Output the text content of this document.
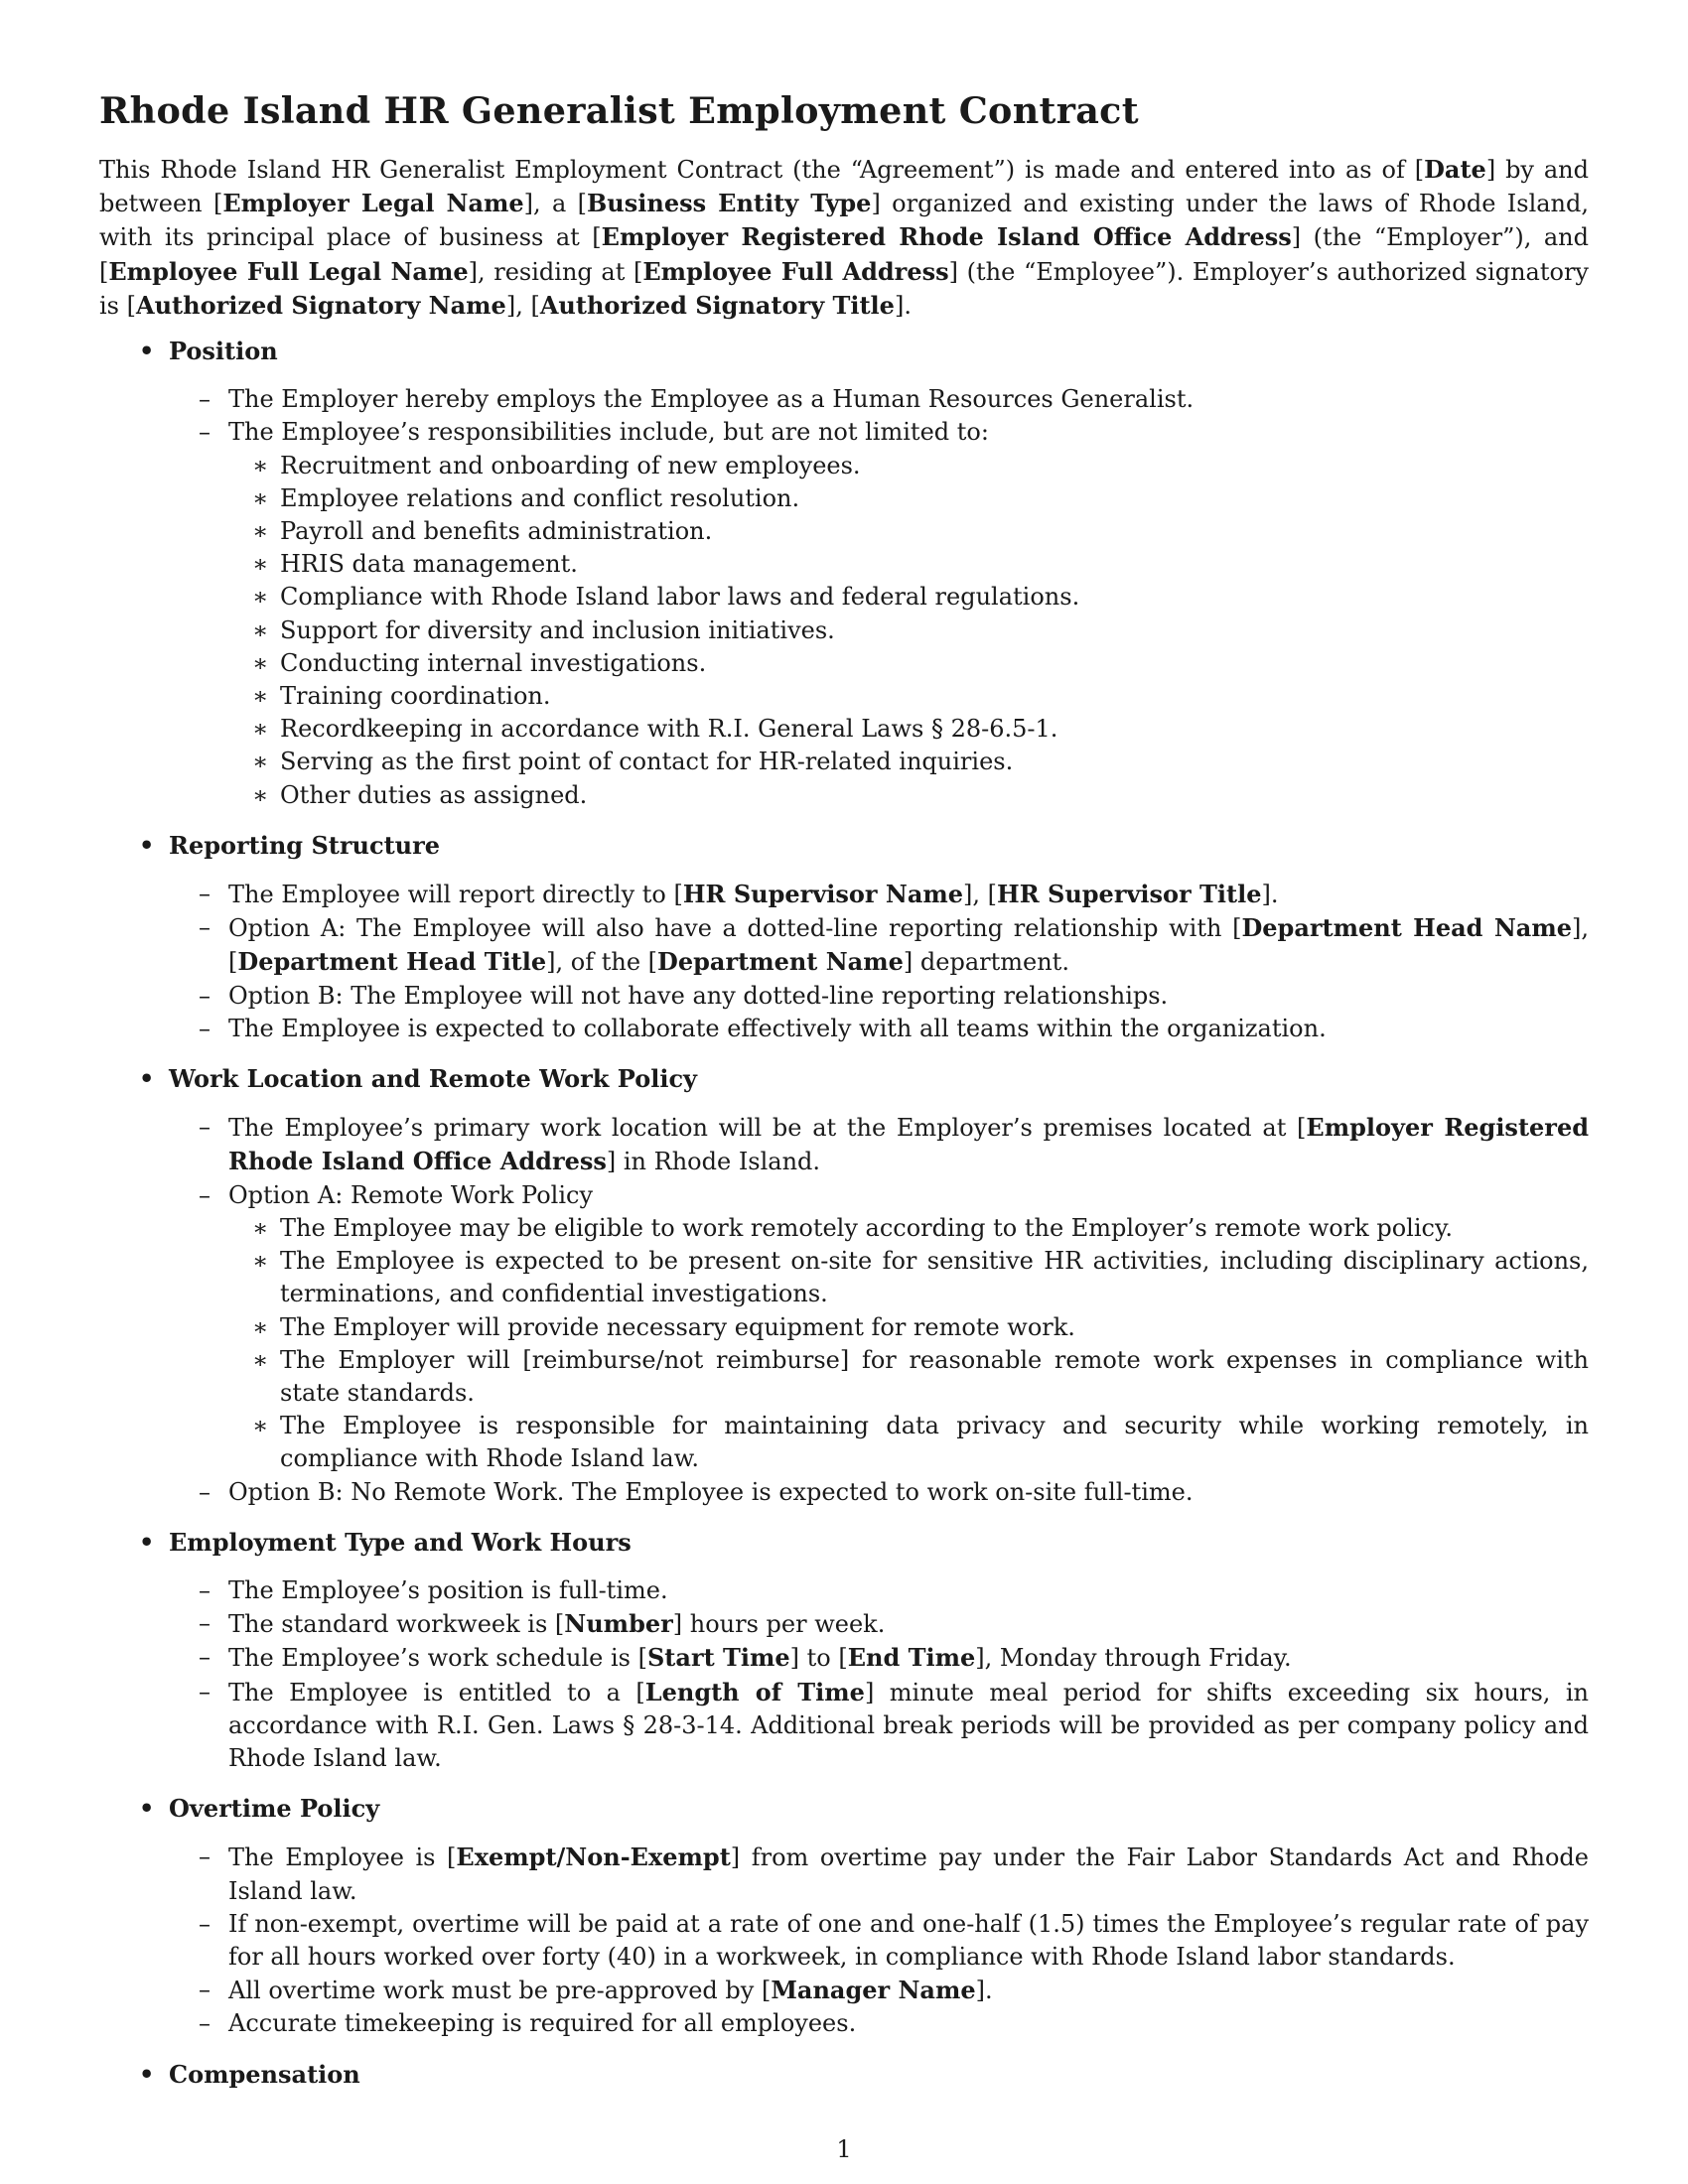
Rhode Island HR Generalist Employment Contract

This Rhode Island HR Generalist Employment Contract (the “Agreement”) is made and entered into as of [Date] by and between [Employer Legal Name], a [Business Entity Type] organized and existing under the laws of Rhode Island, with its principal place of business at [Employer Registered Rhode Island Office Address] (the “Employer”), and [Employee Full Legal Name], residing at [Employee Full Address] (the “Employee”). Employer’s authorized signatory is [Authorized Signatory Name], [Authorized Signatory Title].

• Position
– The Employer hereby employs the Employee as a Human Resources Generalist.
– The Employee’s responsibilities include, but are not limited to:
∗ Recruitment and onboarding of new employees.
∗ Employee relations and conflict resolution.
∗ Payroll and benefits administration.
∗ HRIS data management.
∗ Compliance with Rhode Island labor laws and federal regulations.
∗ Support for diversity and inclusion initiatives.
∗ Conducting internal investigations.
∗ Training coordination.
∗ Recordkeeping in accordance with R.I. General Laws § 28-6.5-1.
∗ Serving as the first point of contact for HR-related inquiries.
∗ Other duties as assigned.
• Reporting Structure
– The Employee will report directly to [HR Supervisor Name], [HR Supervisor Title].
– Option A: The Employee will also have a dotted-line reporting relationship with [Department Head Name], [Department Head Title], of the [Department Name] department.
– Option B: The Employee will not have any dotted-line reporting relationships.
– The Employee is expected to collaborate effectively with all teams within the organization.
• Work Location and Remote Work Policy
– The Employee’s primary work location will be at the Employer’s premises located at [Employer Registered Rhode Island Office Address] in Rhode Island.
– Option A: Remote Work Policy
∗ The Employee may be eligible to work remotely according to the Employer’s remote work policy.
∗ The Employee is expected to be present on-site for sensitive HR activities, including disciplinary actions, terminations, and confidential investigations.
∗ The Employer will provide necessary equipment for remote work.
∗ The Employer will [reimburse/not reimburse] for reasonable remote work expenses in compliance with state standards.
∗ The Employee is responsible for maintaining data privacy and security while working remotely, in compliance with Rhode Island law.
– Option B: No Remote Work. The Employee is expected to work on-site full-time.
• Employment Type and Work Hours
– The Employee’s position is full-time.
– The standard workweek is [Number] hours per week.
– The Employee’s work schedule is [Start Time] to [End Time], Monday through Friday.
– The Employee is entitled to a [Length of Time] minute meal period for shifts exceeding six hours, in accordance with R.I. Gen. Laws § 28-3-14. Additional break periods will be provided as per company policy and Rhode Island law.
• Overtime Policy
– The Employee is [Exempt/Non-Exempt] from overtime pay under the Fair Labor Standards Act and Rhode Island law.
– If non-exempt, overtime will be paid at a rate of one and one-half (1.5) times the Employee’s regular rate of pay for all hours worked over forty (40) in a workweek, in compliance with Rhode Island labor standards.
– All overtime work must be pre-approved by [Manager Name].
– Accurate timekeeping is required for all employees.
• Compensation
1
